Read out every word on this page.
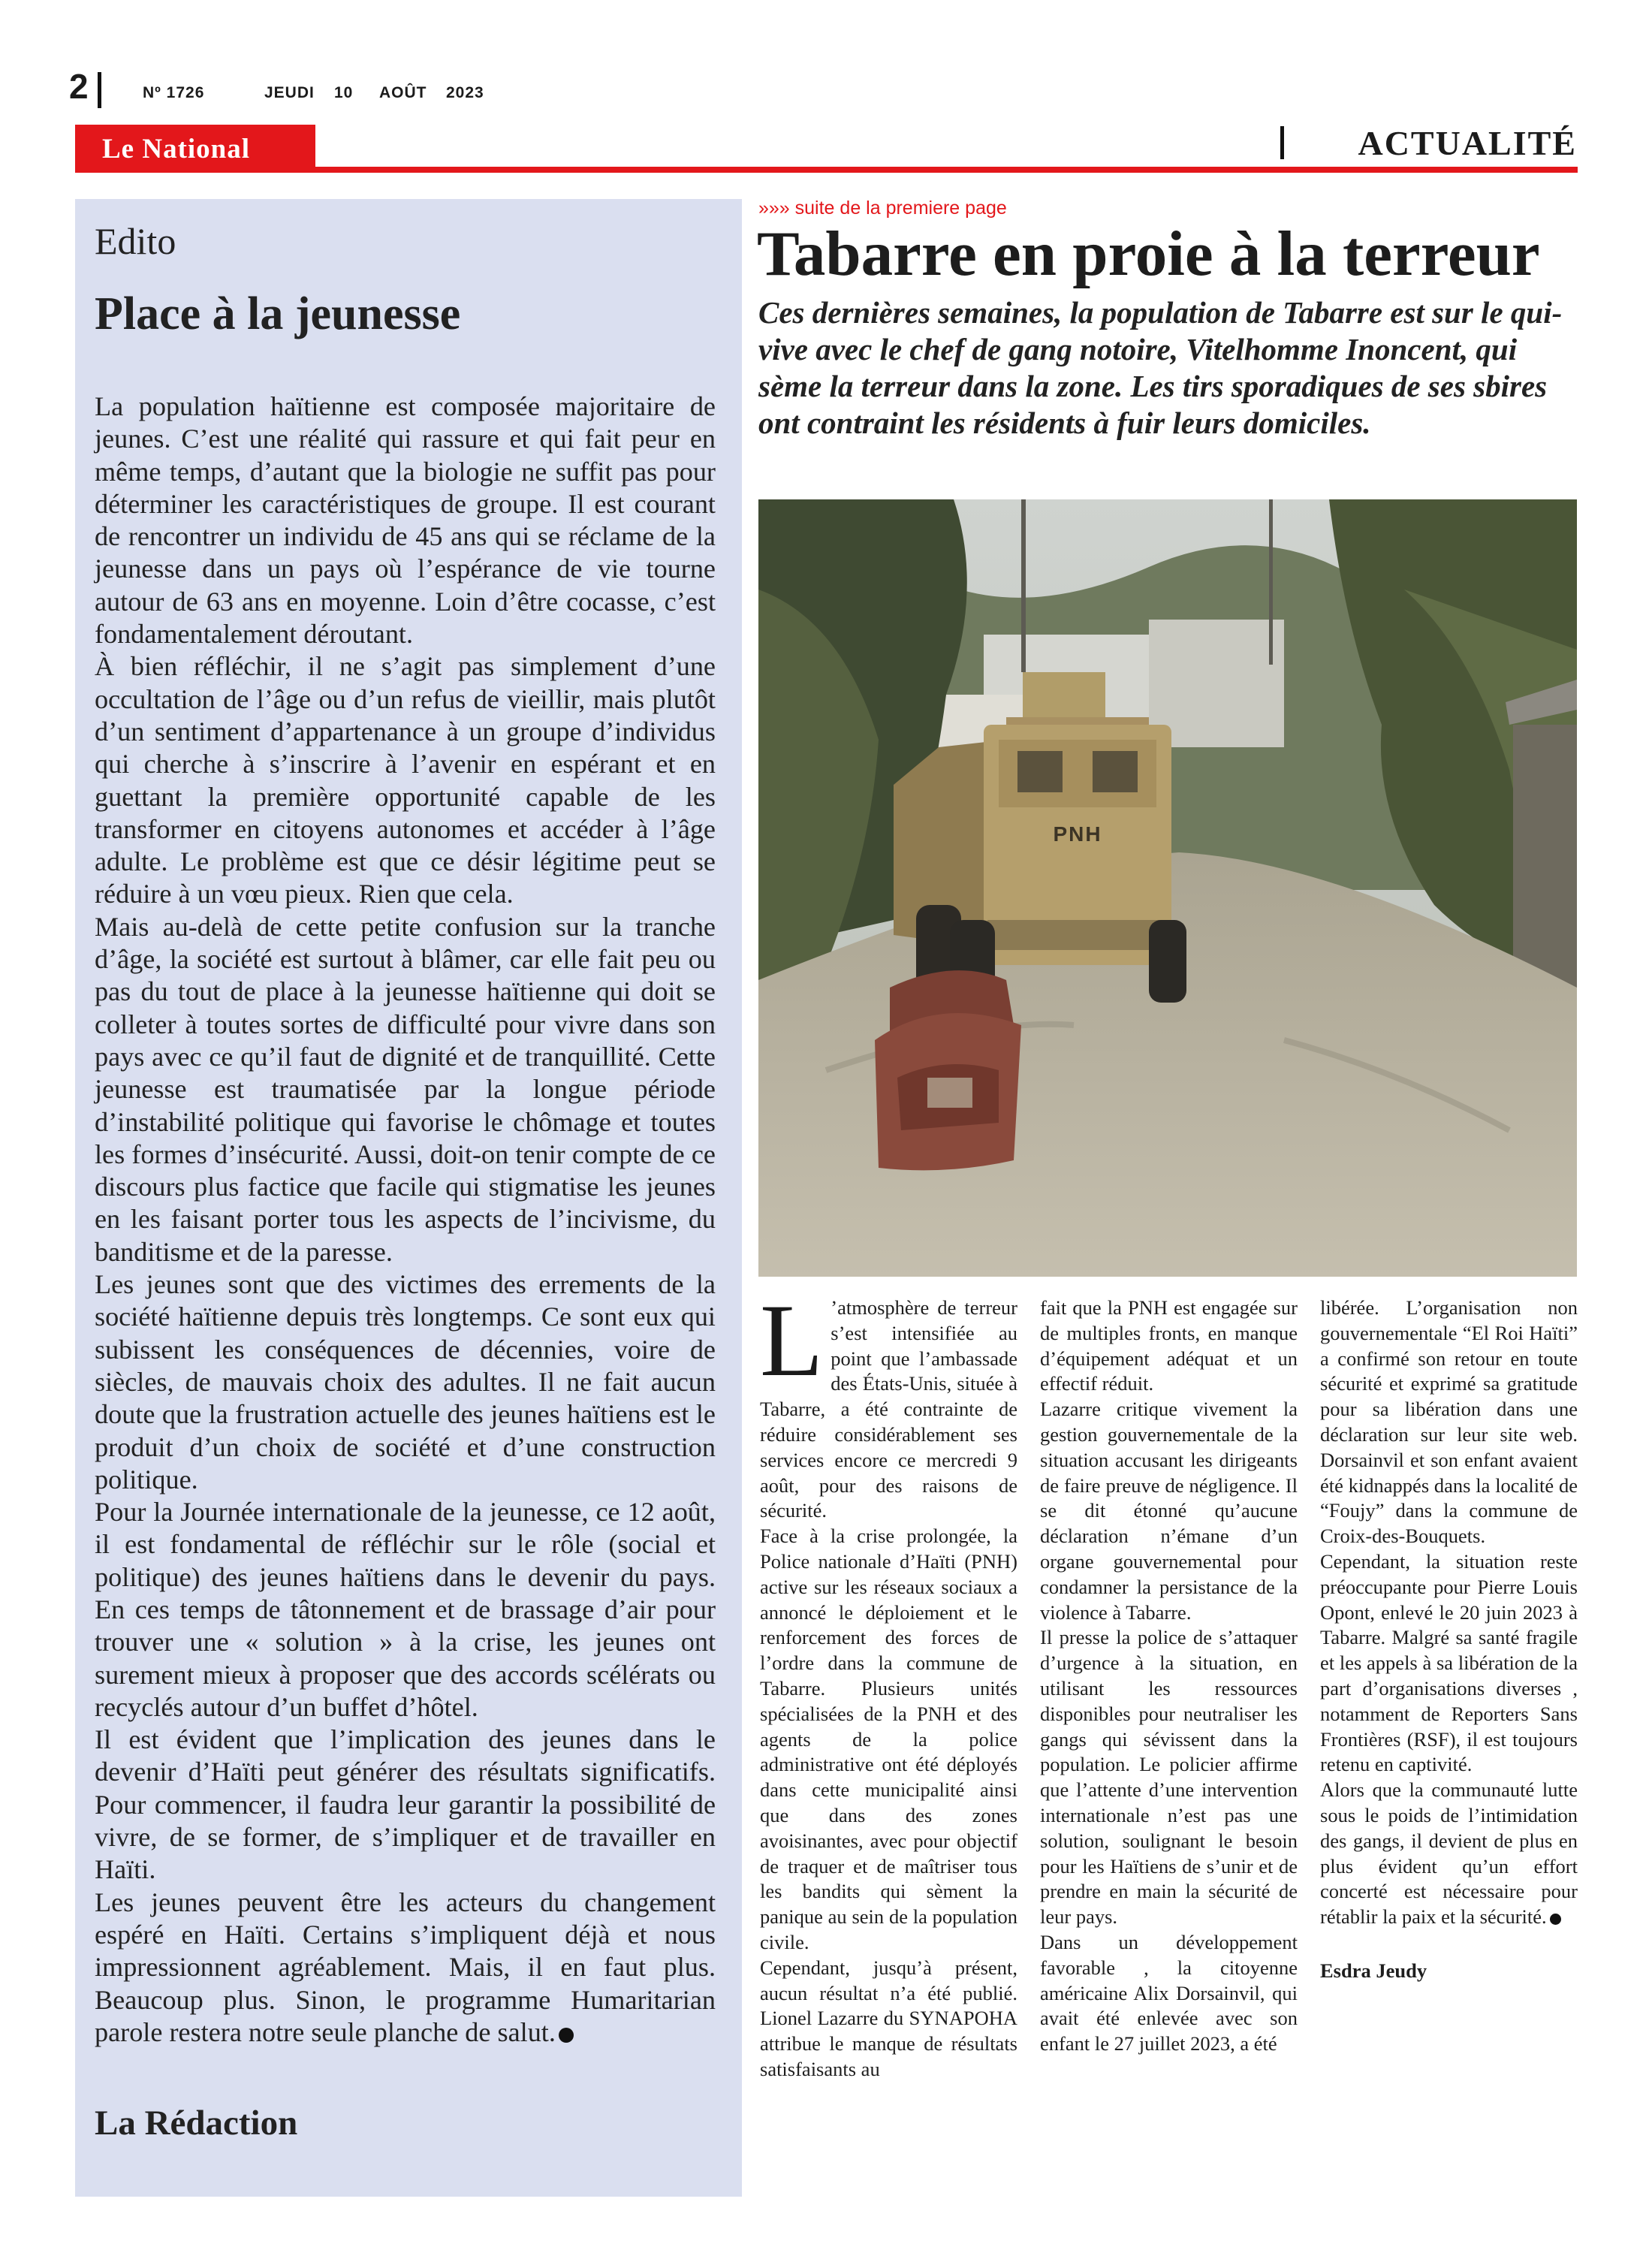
2	Nº 1726	JEUDI 10 AOÛT 2023
Le National	ACTUALITÉ
Edito
Place à la jeunesse

La population haïtienne est composée majoritaire de jeunes. C’est une réalité qui rassure et qui fait peur en même temps, d’autant que la biologie ne suffit pas pour déterminer les caractéristiques de groupe. Il est courant de rencontrer un individu de 45 ans qui se réclame de la jeunesse dans un pays où l’espérance de vie tourne autour de 63 ans en moyenne. Loin d’être cocasse, c’est fondamentalement déroutant.

À bien réfléchir, il ne s’agit pas simplement d’une occultation de l’âge ou d’un refus de vieillir, mais plutôt d’un sentiment d’appartenance à un groupe d’individus qui cherche à s’inscrire à l’avenir en espérant et en guettant la première opportunité capable de les transformer en citoyens autonomes et accéder à l’âge adulte. Le problème est que ce désir légitime peut se réduire à un vœu pieux. Rien que cela.

Mais au-delà de cette petite confusion sur la tranche d’âge, la société est surtout à blâmer, car elle fait peu ou pas du tout de place à la jeunesse haïtienne qui doit se colleter à toutes sortes de difficulté pour vivre dans son pays avec ce qu’il faut de dignité et de tranquillité. Cette jeunesse est traumatisée par la longue période d’instabilité politique qui favorise le chômage et toutes les formes d’insécurité. Aussi, doit-on tenir compte de ce discours plus factice que facile qui stigmatise les jeunes en les faisant porter tous les aspects de l’incivisme, du banditisme et de la paresse.

Les jeunes sont que des victimes des errements de la société haïtienne depuis très longtemps. Ce sont eux qui subissent les conséquences de décennies, voire de siècles, de mauvais choix des adultes. Il ne fait aucun doute que la frustration actuelle des jeunes haïtiens est le produit d’un choix de société et d’une construction politique.

Pour la Journée internationale de la jeunesse, ce 12 août, il est fondamental de réfléchir sur le rôle (social et politique) des jeunes haïtiens dans le devenir du pays. En ces temps de tâtonnement et de brassage d’air pour trouver une « solution » à la crise, les jeunes ont surement mieux à proposer que des accords scélérats ou recyclés autour d’un buffet d’hôtel.

Il est évident que l’implication des jeunes dans le devenir d’Haïti peut générer des résultats significatifs. Pour commencer, il faudra leur garantir la possibilité de vivre, de se former, de s’impliquer et de travailler en Haïti.

Les jeunes peuvent être les acteurs du changement espéré en Haïti. Certains s’impliquent déjà et nous impressionnent agréablement. Mais, il en faut plus. Beaucoup plus. Sinon, le programme Humaritarian parole restera notre seule planche de salut.

La Rédaction
»»» suite de la premiere page
Tabarre en proie à la terreur
Ces dernières semaines, la population de Tabarre est sur le qui-vive avec le chef de gang notoire, Vitelhomme Inoncent, qui sème la terreur dans la zone. Les tirs sporadiques de ses sbires ont contraint les résidents à fuir leurs domiciles.
PNH

L ’atmosphère de terreur s’est intensifiée au point que l’ambassade des États-Unis, située à Tabarre, a été contrainte de réduire considérablement ses services encore ce mercredi 9 août, pour des raisons de sécurité.

Face à la crise prolongée, la Police nationale d’Haïti (PNH) active sur les réseaux sociaux a annoncé le déploiement et le renforcement des forces de l’ordre dans la commune de Tabarre. Plusieurs unités spécialisées de la PNH et des agents de la police administrative ont été déployés dans cette municipalité ainsi que dans des zones avoisinantes, avec pour objectif de traquer et de maîtriser tous les bandits qui sèment la panique au sein de la population civile.

Cependant, jusqu’à présent, aucun résultat n’a été publié. Lionel Lazarre du SYNAPOHA attribue le manque de résultats satisfaisants au

fait que la PNH est engagée sur de multiples fronts, en manque d’équipement adéquat et un effectif réduit.

Lazarre critique vivement la gestion gouvernementale de la situation accusant les dirigeants de faire preuve de négligence. Il se dit étonné qu’aucune déclaration n’émane d’un organe gouvernemental pour condamner la persistance de la violence à Tabarre.

Il presse la police de s’attaquer d’urgence à la situation, en utilisant les ressources disponibles pour neutraliser les gangs qui sévissent dans la population. Le policier affirme que l’attente d’une intervention internationale n’est pas une solution, soulignant le besoin pour les Haïtiens de s’unir et de prendre en main la sécurité de leur pays.

Dans un développement favorable , la citoyenne américaine Alix Dorsainvil, qui avait été enlevée avec son enfant le 27 juillet 2023, a été

libérée. L’organisation non gouvernementale “El Roi Haïti” a confirmé son retour en toute sécurité et exprimé sa gratitude pour sa libération dans une déclaration sur leur site web. Dorsainvil et son enfant avaient été kidnappés dans la localité de “Foujy” dans la commune de Croix-des-Bouquets.

Cependant, la situation reste préoccupante pour Pierre Louis Opont, enlevé le 20 juin 2023 à Tabarre. Malgré sa santé fragile et les appels à sa libération de la part d’organisations diverses , notamment de Reporters Sans Frontières (RSF), il est toujours retenu en captivité.

Alors que la communauté lutte sous le poids de l’intimidation des gangs, il devient de plus en plus évident qu’un effort concerté est nécessaire pour rétablir la paix et la sécurité.

Esdra Jeudy
